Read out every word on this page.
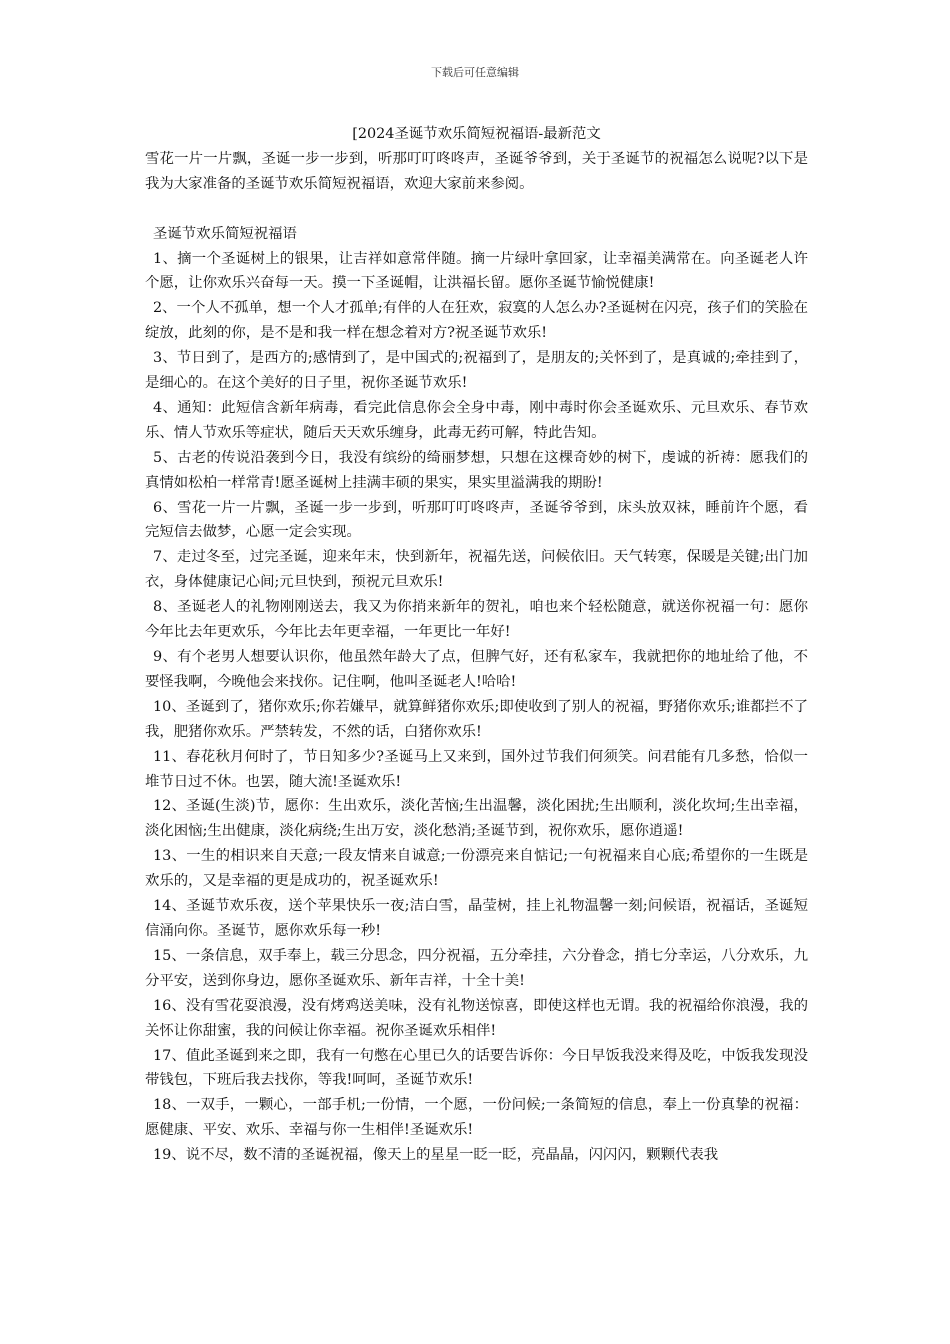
下载后可任意编辑

[2024圣诞节欢乐简短祝福语-最新范文

雪花一片一片飘，圣诞一步一步到，听那叮叮咚咚声，圣诞爷爷到，关于圣诞节的祝福怎么说呢?以下是我为大家准备的圣诞节欢乐简短祝福语，欢迎大家前来参阅。

圣诞节欢乐简短祝福语

1、摘一个圣诞树上的银果，让吉祥如意常伴随。摘一片绿叶拿回家，让幸福美满常在。向圣诞老人许个愿，让你欢乐兴奋每一天。摸一下圣诞帽，让洪福长留。愿你圣诞节愉悦健康!

2、一个人不孤单，想一个人才孤单;有伴的人在狂欢，寂寞的人怎么办?圣诞树在闪亮，孩子们的笑脸在绽放，此刻的你，是不是和我一样在想念着对方?祝圣诞节欢乐!

3、节日到了，是西方的;感情到了，是中国式的;祝福到了，是朋友的;关怀到了，是真诚的;牵挂到了，是细心的。在这个美好的日子里，祝你圣诞节欢乐!

4、通知：此短信含新年病毒，看完此信息你会全身中毒，刚中毒时你会圣诞欢乐、元旦欢乐、春节欢乐、情人节欢乐等症状，随后天天欢乐缠身，此毒无药可解，特此告知。

5、古老的传说沿袭到今日，我没有缤纷的绮丽梦想，只想在这棵奇妙的树下，虔诚的祈祷：愿我们的真情如松柏一样常青!愿圣诞树上挂满丰硕的果实，果实里溢满我的期盼!

6、雪花一片一片飘，圣诞一步一步到，听那叮叮咚咚声，圣诞爷爷到，床头放双袜，睡前许个愿，看完短信去做梦，心愿一定会实现。

7、走过冬至，过完圣诞，迎来年末，快到新年，祝福先送，问候依旧。天气转寒，保暖是关键;出门加衣，身体健康记心间;元旦快到，预祝元旦欢乐!

8、圣诞老人的礼物刚刚送去，我又为你捎来新年的贺礼，咱也来个轻松随意，就送你祝福一句：愿你今年比去年更欢乐，今年比去年更幸福，一年更比一年好!

9、有个老男人想要认识你，他虽然年龄大了点，但脾气好，还有私家车，我就把你的地址给了他，不要怪我啊，今晚他会来找你。记住啊，他叫圣诞老人!哈哈!

10、圣诞到了，猪你欢乐;你若嫌早，就算鲜猪你欢乐;即使收到了别人的祝福，野猪你欢乐;谁都拦不了我，肥猪你欢乐。严禁转发，不然的话，白猪你欢乐!

11、春花秋月何时了，节日知多少?圣诞马上又来到，国外过节我们何须笑。问君能有几多愁，恰似一堆节日过不休。也罢，随大流!圣诞欢乐!

12、圣诞(生淡)节，愿你：生出欢乐，淡化苦恼;生出温馨，淡化困扰;生出顺利，淡化坎坷;生出幸福，淡化困恼;生出健康，淡化病绕;生出万安，淡化愁消;圣诞节到，祝你欢乐，愿你逍遥!

13、一生的相识来自天意;一段友情来自诚意;一份漂亮来自惦记;一句祝福来自心底;希望你的一生既是欢乐的，又是幸福的更是成功的，祝圣诞欢乐!

14、圣诞节欢乐夜，送个苹果快乐一夜;洁白雪，晶莹树，挂上礼物温馨一刻;问候语，祝福话，圣诞短信涌向你。圣诞节，愿你欢乐每一秒!

15、一条信息，双手奉上，载三分思念，四分祝福，五分牵挂，六分眷念，捎七分幸运，八分欢乐，九分平安，送到你身边，愿你圣诞欢乐、新年吉祥，十全十美!

16、没有雪花耍浪漫，没有烤鸡送美味，没有礼物送惊喜，即使这样也无谓。我的祝福给你浪漫，我的关怀让你甜蜜，我的问候让你幸福。祝你圣诞欢乐相伴!

17、值此圣诞到来之即，我有一句憋在心里已久的话要告诉你：今日早饭我没来得及吃，中饭我发现没带钱包，下班后我去找你，等我!呵呵，圣诞节欢乐!

18、一双手，一颗心，一部手机;一份情，一个愿，一份问候;一条简短的信息，奉上一份真挚的祝福：愿健康、平安、欢乐、幸福与你一生相伴!圣诞欢乐!

19、说不尽，数不清的圣诞祝福，像天上的星星一眨一眨，亮晶晶，闪闪闪，颗颗代表我
